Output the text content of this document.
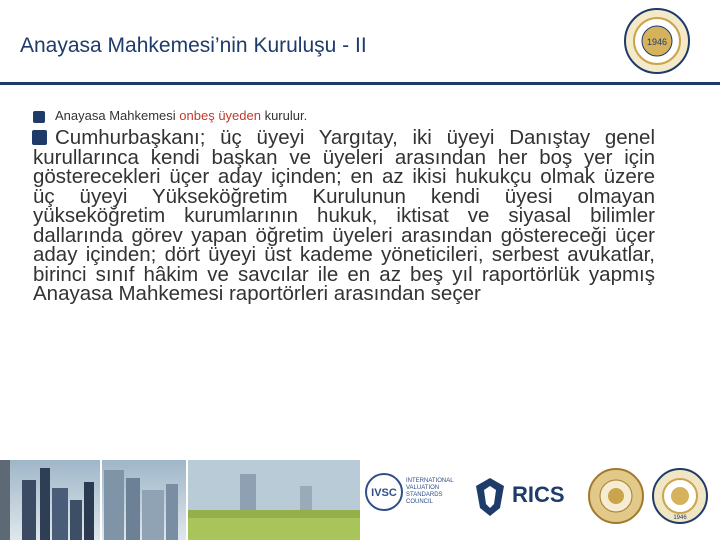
Anayasa Mahkemesi’nin Kuruluşu - II	1946
Anayasa Mahkemesi onbeş üyeden kurulur.
Cumhurbaşkanı; üç üyeyi Yargıtay, iki üyeyi Danıştay genel kurullarınca kendi başkan ve üyeleri arasından her boş yer için gösterecekleri üçer aday içinden; en az ikisi hukukçu olmak üzere üç üyeyi Yükseköğretim Kurulunun kendi üyesi olmayan yükseköğretim kurumlarının hukuk, iktisat ve siyasal bilimler dallarında görev yapan öğretim üyeleri arasından göstereceği üçer aday içinden; dört üyeyi üst kademe yöneticileri, serbest avukatlar, birinci sınıf hâkim ve savcılar ile en az beş yıl raportörlük yapmış Anayasa Mahkemesi raportörleri arasından seçer
IVSC
INTERNATIONAL
VALUATION
STANDARDS
COUNCIL	RICS
1946
